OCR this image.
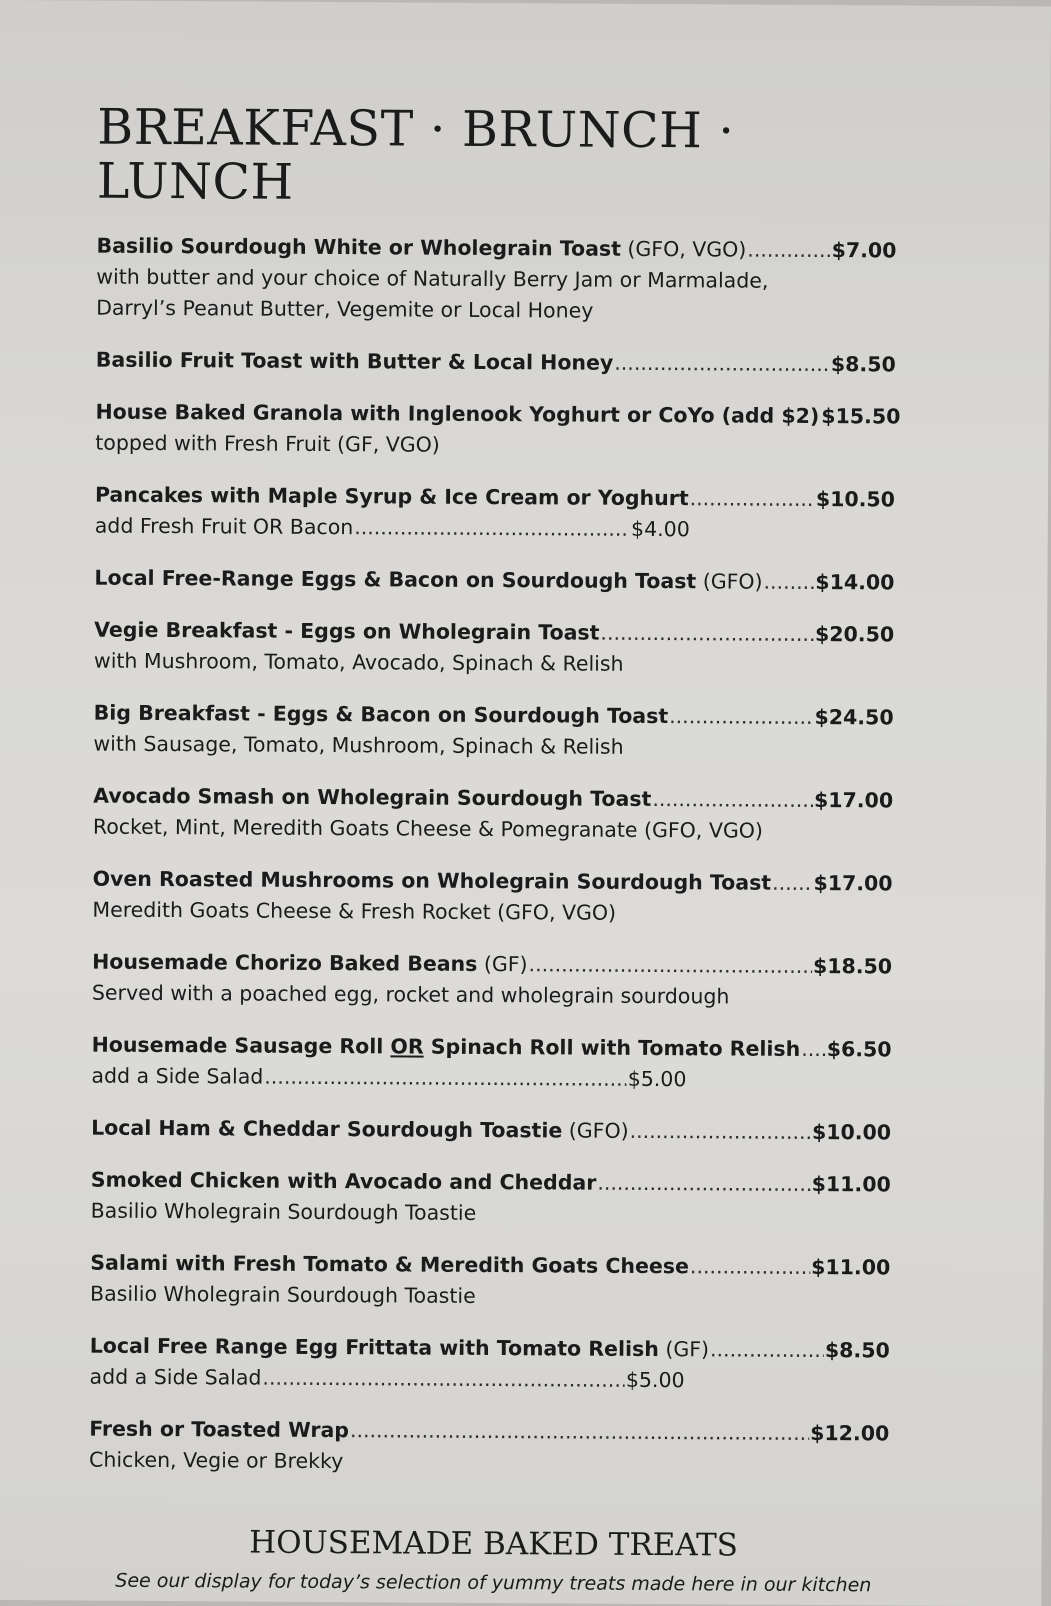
BREAKFAST · BRUNCH · LUNCH
Basilio Sourdough White or Wholegrain Toast (GFO, VGO) .....	$7.00
with butter and your choice of Naturally Berry Jam or Marmalade,
Darryl’s Peanut Butter, Vegemite or Local Honey
Basilio Fruit Toast with Butter & Local Honey .....	$8.50
House Baked Granola with Inglenook Yoghurt or CoYo (add $2) ..... $15.50
topped with Fresh Fruit (GF, VGO)
Pancakes with Maple Syrup & Ice Cream or Yoghurt .....	$10.50
add Fresh Fruit OR Bacon .....	$4.00
Local Free-Range Eggs & Bacon on Sourdough Toast (GFO) .....	$14.00
Vegie Breakfast - Eggs on Wholegrain Toast .....	$20.50
with Mushroom, Tomato, Avocado, Spinach & Relish
Big Breakfast - Eggs & Bacon on Sourdough Toast .....	$24.50
with Sausage, Tomato, Mushroom, Spinach & Relish
Avocado Smash on Wholegrain Sourdough Toast .....	$17.00
Rocket, Mint, Meredith Goats Cheese & Pomegranate (GFO, VGO)
Oven Roasted Mushrooms on Wholegrain Sourdough Toast ..... $17.00
Meredith Goats Cheese & Fresh Rocket (GFO, VGO)
Housemade Chorizo Baked Beans (GF) .....	$18.50
Served with a poached egg, rocket and wholegrain sourdough
Housemade Sausage Roll OR Spinach Roll with Tomato Relish ..... $6.50
add a Side Salad .....	$5.00
Local Ham & Cheddar Sourdough Toastie (GFO) .....	$10.00
Smoked Chicken with Avocado and Cheddar .....	$11.00
Basilio Wholegrain Sourdough Toastie
Salami with Fresh Tomato & Meredith Goats Cheese .....	$11.00
Basilio Wholegrain Sourdough Toastie
Local Free Range Egg Frittata with Tomato Relish (GF) .....	$8.50
add a Side Salad .....	$5.00
Fresh or Toasted Wrap .....	$12.00
Chicken, Vegie or Brekky
HOUSEMADE BAKED TREATS
See our display for today’s selection of yummy treats made here in our kitchen
